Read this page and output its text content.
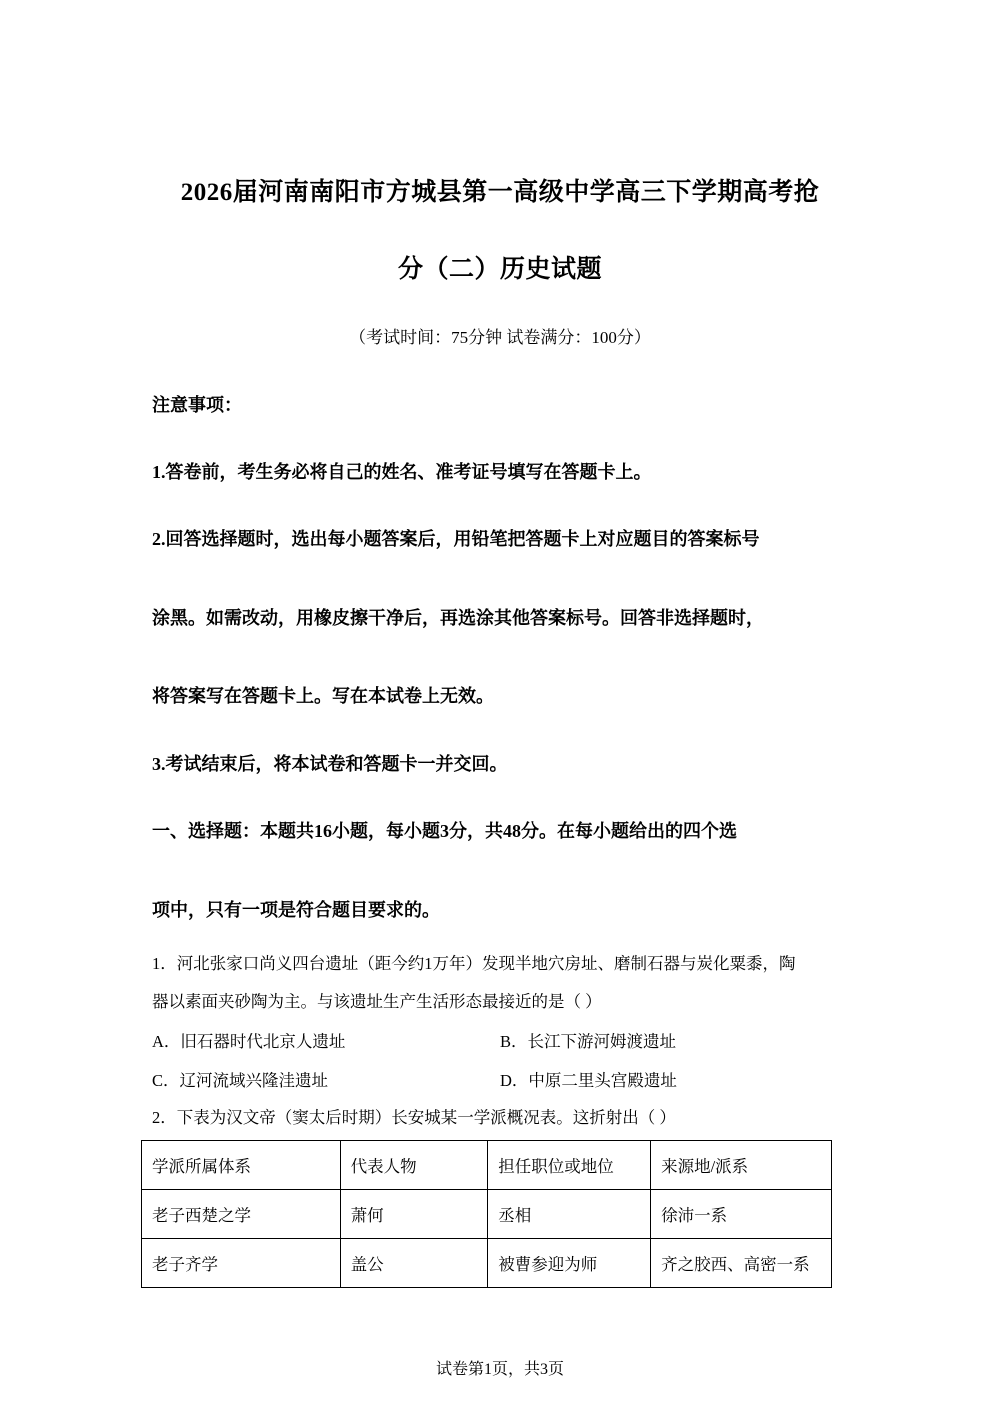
2026届河南南阳市方城县第一高级中学高三下学期高考抢
分（二）历史试题
（考试时间：75分钟 试卷满分：100分）
注意事项：
1.答卷前，考生务必将自己的姓名、准考证号填写在答题卡上。
2.回答选择题时，选出每小题答案后，用铅笔把答题卡上对应题目的答案标号
涂黑。如需改动，用橡皮擦干净后，再选涂其他答案标号。回答非选择题时，
将答案写在答题卡上。写在本试卷上无效。
3.考试结束后，将本试卷和答题卡一并交回。
一、选择题：本题共16小题，每小题3分，共48分。在每小题给出的四个选
项中，只有一项是符合题目要求的。
1．河北张家口尚义四台遗址（距今约1万年）发现半地穴房址、磨制石器与炭化粟黍，陶
器以素面夹砂陶为主。与该遗址生产生活形态最接近的是（ ）
A．旧石器时代北京人遗址	B．长江下游河姆渡遗址
C．辽河流域兴隆洼遗址	D．中原二里头宫殿遗址
2．下表为汉文帝（窦太后时期）长安城某一学派概况表。这折射出（ ）
学派所属体系	代表人物	担任职位或地位	来源地/派系
老子西楚之学	萧何	丞相	徐沛一系
老子齐学	盖公	被曹参迎为师	齐之胶西、高密一系
试卷第1页，共3页
